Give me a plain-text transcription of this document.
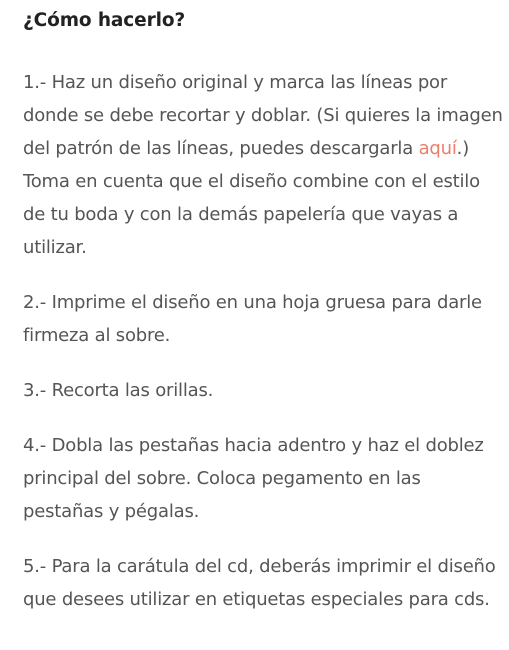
¿Cómo hacerlo?

1.- Haz un diseño original y marca las líneas por donde se debe recortar y doblar. (Si quieres la imagen del patrón de las líneas, puedes descargarla aquí.) Toma en cuenta que el diseño combine con el estilo de tu boda y con la demás papelería que vayas a utilizar.

2.- Imprime el diseño en una hoja gruesa para darle firmeza al sobre.

3.- Recorta las orillas.

4.- Dobla las pestañas hacia adentro y haz el doblez principal del sobre. Coloca pegamento en las pestañas y pégalas.

5.- Para la carátula del cd, deberás imprimir el diseño que desees utilizar en etiquetas especiales para cds.
